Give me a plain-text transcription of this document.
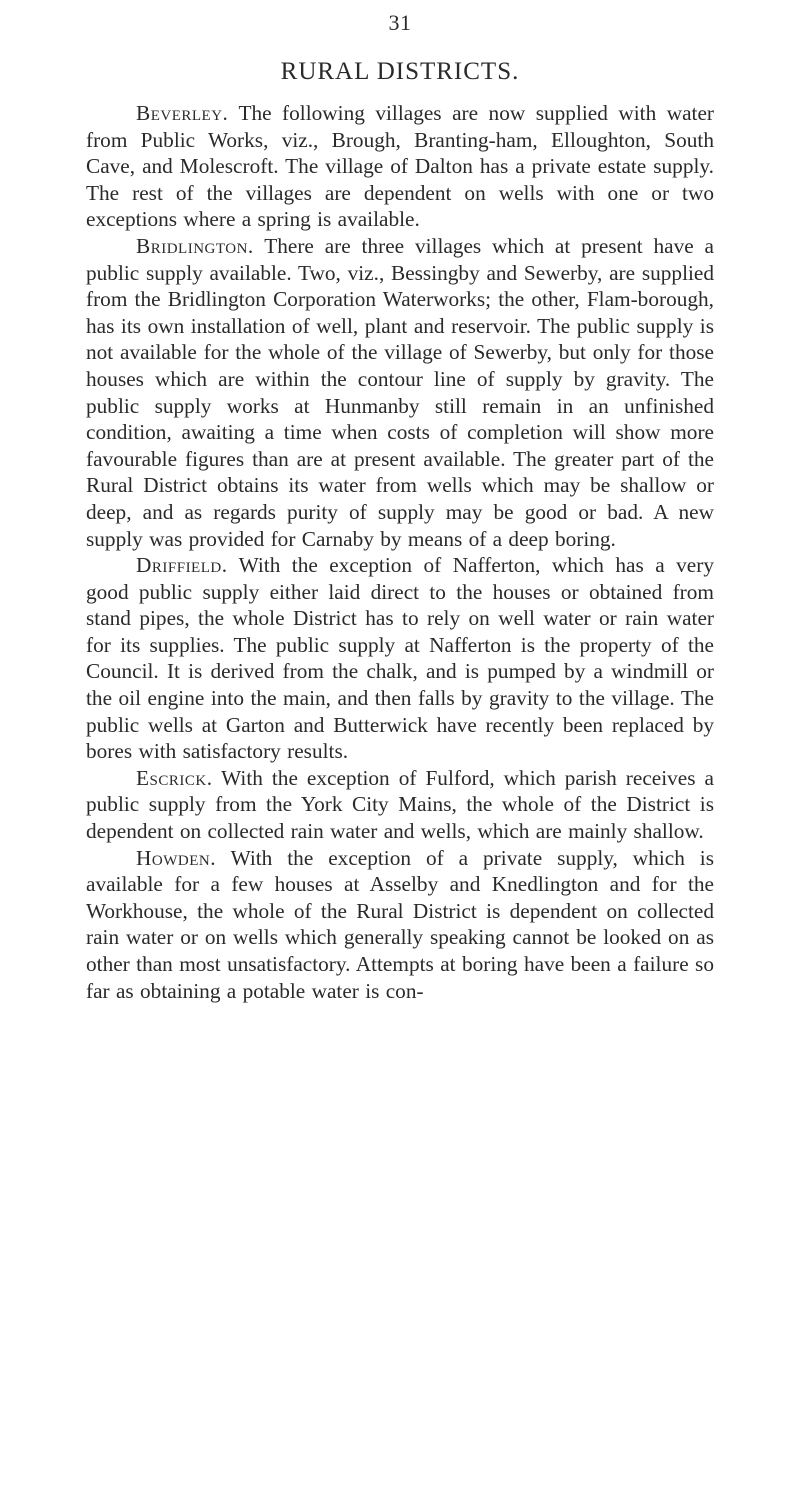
31
RURAL DISTRICTS.

Beverley. The following villages are now supplied with water from Public Works, viz., Brough, Branting-ham, Elloughton, South Cave, and Molescroft. The village of Dalton has a private estate supply. The rest of the villages are dependent on wells with one or two exceptions where a spring is available.

Bridlington. There are three villages which at present have a public supply available. Two, viz., Bessingby and Sewerby, are supplied from the Bridlington Corporation Waterworks; the other, Flam-borough, has its own installation of well, plant and reservoir. The public supply is not available for the whole of the village of Sewerby, but only for those houses which are within the contour line of supply by gravity. The public supply works at Hunmanby still remain in an unfinished condition, awaiting a time when costs of completion will show more favourable figures than are at present available. The greater part of the Rural District obtains its water from wells which may be shallow or deep, and as regards purity of supply may be good or bad. A new supply was provided for Carnaby by means of a deep boring.

Driffield. With the exception of Nafferton, which has a very good public supply either laid direct to the houses or obtained from stand pipes, the whole District has to rely on well water or rain water for its supplies. The public supply at Nafferton is the property of the Council. It is derived from the chalk, and is pumped by a windmill or the oil engine into the main, and then falls by gravity to the village. The public wells at Garton and Butterwick have recently been replaced by bores with satisfactory results.

Escrick. With the exception of Fulford, which parish receives a public supply from the York City Mains, the whole of the District is dependent on collected rain water and wells, which are mainly shallow.

Howden. With the exception of a private supply, which is available for a few houses at Asselby and Knedlington and for the Workhouse, the whole of the Rural District is dependent on collected rain water or on wells which generally speaking cannot be looked on as other than most unsatisfactory. Attempts at boring have been a failure so far as obtaining a potable water is con-
